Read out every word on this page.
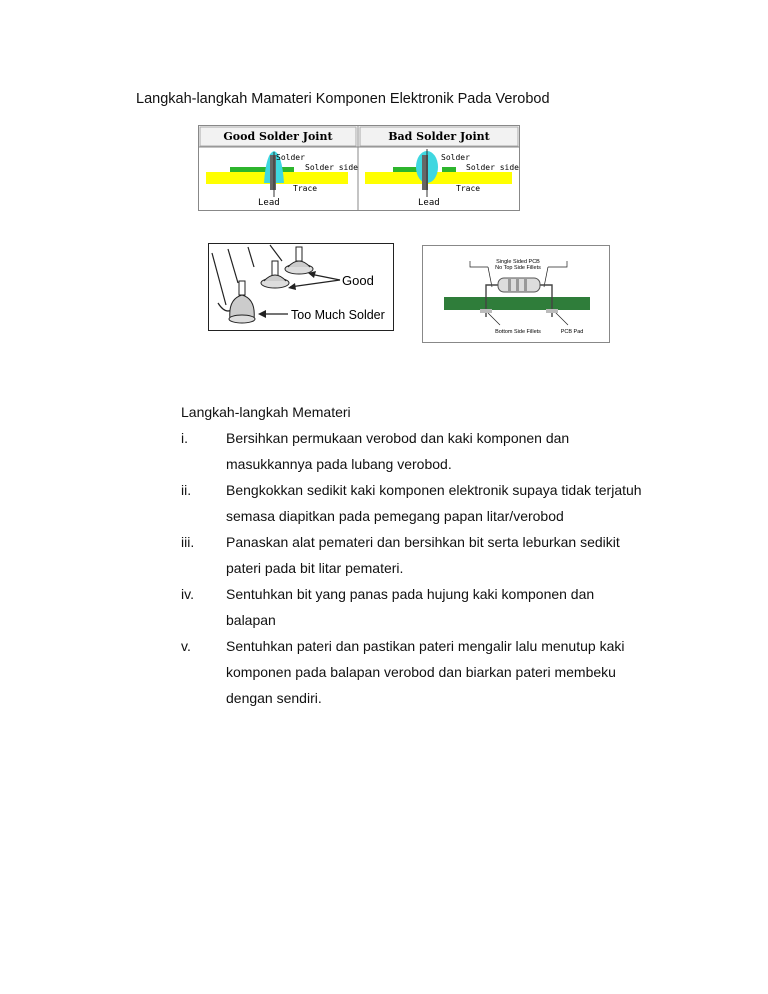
Langkah-langkah Mamateri Komponen Elektronik Pada Verobod
Good Solder Joint	Bad Solder Joint
Solder
Solder side
Trace
Lead
Solder
Solder side
Trace
Lead
Good
Too Much Solder
Single Sided PCB
No Top Side Fillets
Bottom Side Fillets	PCB Pad
Langkah-langkah Memateri
i.	Bersihkan permukaan verobod dan kaki komponen dan
masukkannya pada lubang verobod.
ii. Bengkokkan sedikit kaki komponen elektronik supaya tidak terjatuh
semasa diapitkan pada pemegang papan litar/verobod
iii. Panaskan alat pemateri dan bersihkan bit serta leburkan sedikit
pateri pada bit litar pemateri.
iv. Sentuhkan bit yang panas pada hujung kaki komponen dan
balapan
v.	Sentuhkan pateri dan pastikan pateri mengalir lalu menutup kaki
komponen pada balapan verobod dan biarkan pateri membeku
dengan sendiri.
